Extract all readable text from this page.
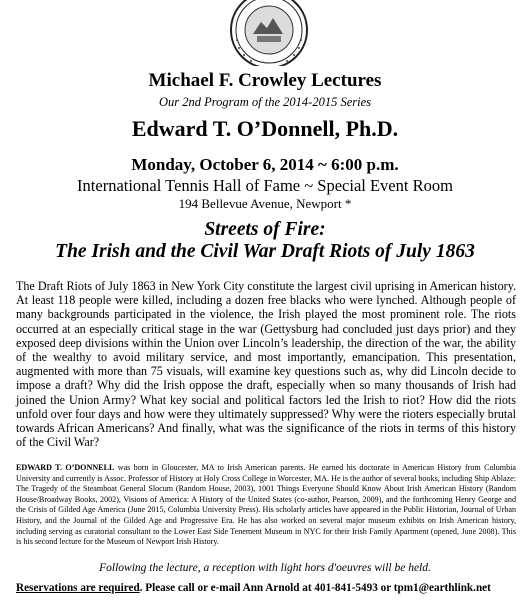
Michael F. Crowley Lectures
Our 2nd Program of the 2014-2015 Series
Edward T. O’Donnell, Ph.D.
Monday, October 6, 2014 ~ 6:00 p.m.
International Tennis Hall of Fame ~ Special Event Room
194 Bellevue Avenue, Newport *
Streets of Fire:
The Irish and the Civil War Draft Riots of July 1863
The Draft Riots of July 1863 in New York City constitute the largest civil uprising in American history. At least 118 people were killed, including a dozen free blacks who were lynched. Although people of many backgrounds participated in the violence, the Irish played the most prominent role. The riots occurred at an especially critical stage in the war (Gettysburg had concluded just days prior) and they exposed deep divisions within the Union over Lincoln’s leadership, the direction of the war, the ability of the wealthy to avoid military service, and most importantly, emancipation. This presentation, augmented with more than 75 visuals, will examine key questions such as, why did Lincoln decide to impose a draft? Why did the Irish oppose the draft, especially when so many thousands of Irish had joined the Union Army? What key social and political factors led the Irish to riot? How did the riots unfold over four days and how were they ultimately suppressed? Why were the rioters especially brutal towards African Americans? And finally, what was the significance of the riots in terms of this history of the Civil War?
EDWARD T. O’DONNELL was born in Gloucester, MA to Irish American parents. He earned his doctorate in American History from Columbia University and currently is Assoc. Professor of History at Holy Cross College in Worcester, MA. He is the author of several books, including Ship Ablaze: The Tragedy of the Steamboat General Slocum (Random House, 2003), 1001 Things Everyone Should Know About Irish American History (Random House/Broadway Books, 2002), Visions of America: A History of the United States (co-author, Pearson, 2009), and the forthcoming Henry George and the Crisis of Gilded Age America (June 2015, Columbia University Press). His scholarly articles have appeared in the Public Historian, Journal of Urban History, and the Journal of the Gilded Age and Progressive Era. He has also worked on several major museum exhibits on Irish American history, including serving as curatorial consultant to the Lower East Side Tenement Museum in NYC for their Irish Family Apartment (opened, June 2008). This is his second lecture for the Museum of Newport Irish History.
Following the lecture, a reception with light hors d'oeuvres will be held.
Reservations are required. Please call or e-mail Ann Arnold at 401-841-5493 or tpm1@earthlink.net
